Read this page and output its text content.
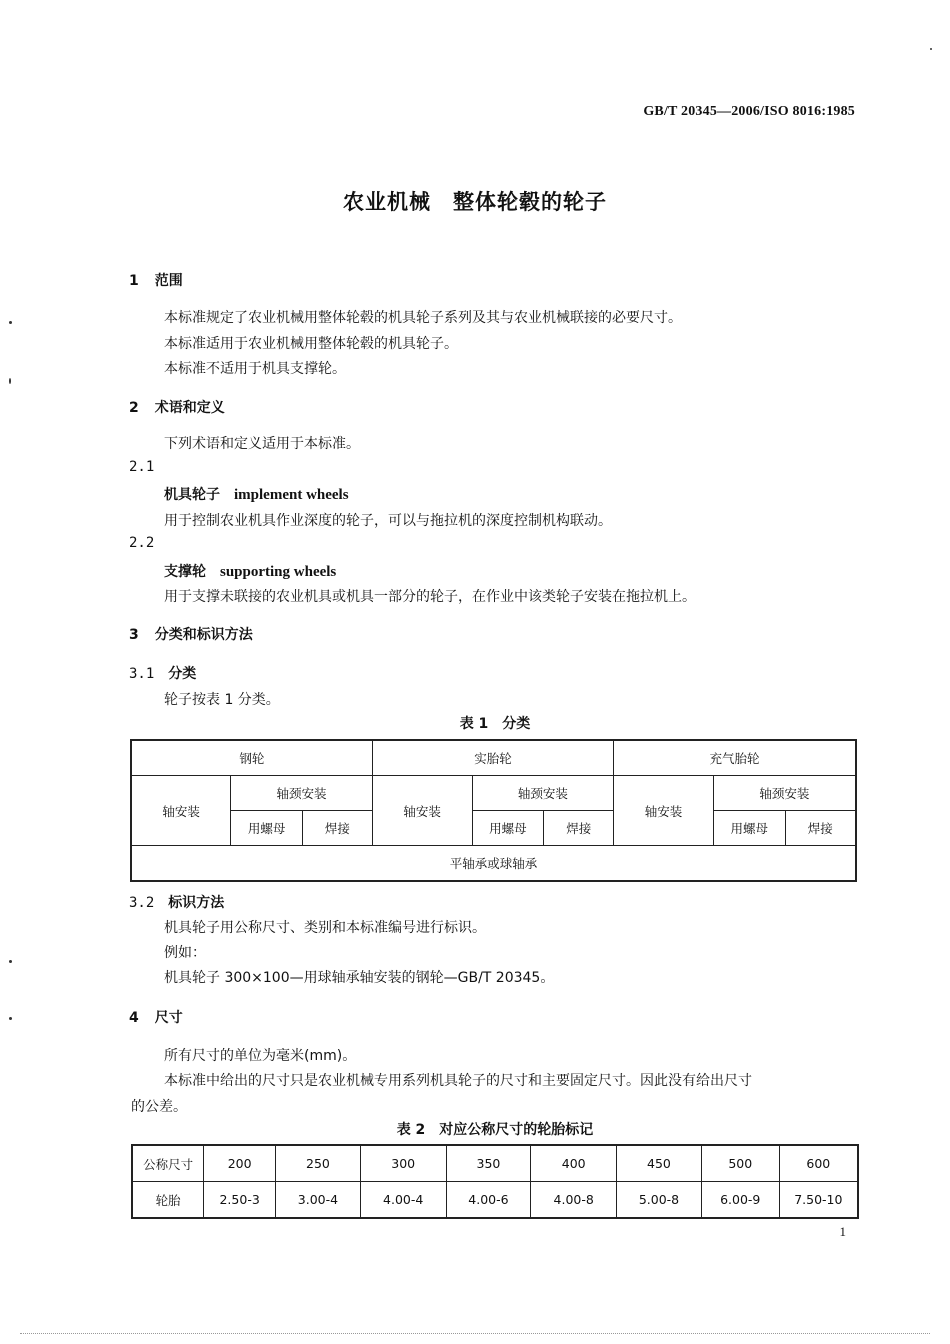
GB/T 20345—2006/ISO 8016:1985
农业机械　整体轮毂的轮子
1 范围
本标准规定了农业机械用整体轮毂的机具轮子系列及其与农业机械联接的必要尺寸。
本标准适用于农业机械用整体轮毂的机具轮子。
本标准不适用于机具支撑轮。
2 术语和定义
下列术语和定义适用于本标准。
2.1
机具轮子 implement wheels
用于控制农业机具作业深度的轮子，可以与拖拉机的深度控制机构联动。
2.2
支撑轮 supporting wheels
用于支撑未联接的农业机具或机具一部分的轮子，在作业中该类轮子安装在拖拉机上。
3 分类和标识方法
3.1 分类
轮子按表 1 分类。
表 1　分类
钢轮			实胎轮			充气胎轮		
轴安装	轴颈安装		轴安装	轴颈安装		轴安装	轴颈安装	
	用螺母	焊接		用螺母	焊接		用螺母	焊接
平轴承或球轴承								
3.2 标识方法
机具轮子用公称尺寸、类别和本标准编号进行标识。
例如：
机具轮子 300×100—用球轴承轴安装的钢轮—GB/T 20345。
4 尺寸
所有尺寸的单位为毫米(mm)。
本标准中给出的尺寸只是农业机械专用系列机具轮子的尺寸和主要固定尺寸。因此没有给出尺寸
的公差。
表 2　对应公称尺寸的轮胎标记
公称尺寸	200	250	300	350	400	450	500	600
轮胎	2.50-3	3.00-4	4.00-4	4.00-6	4.00-8	5.00-8	6.00-9	7.50-10
1
